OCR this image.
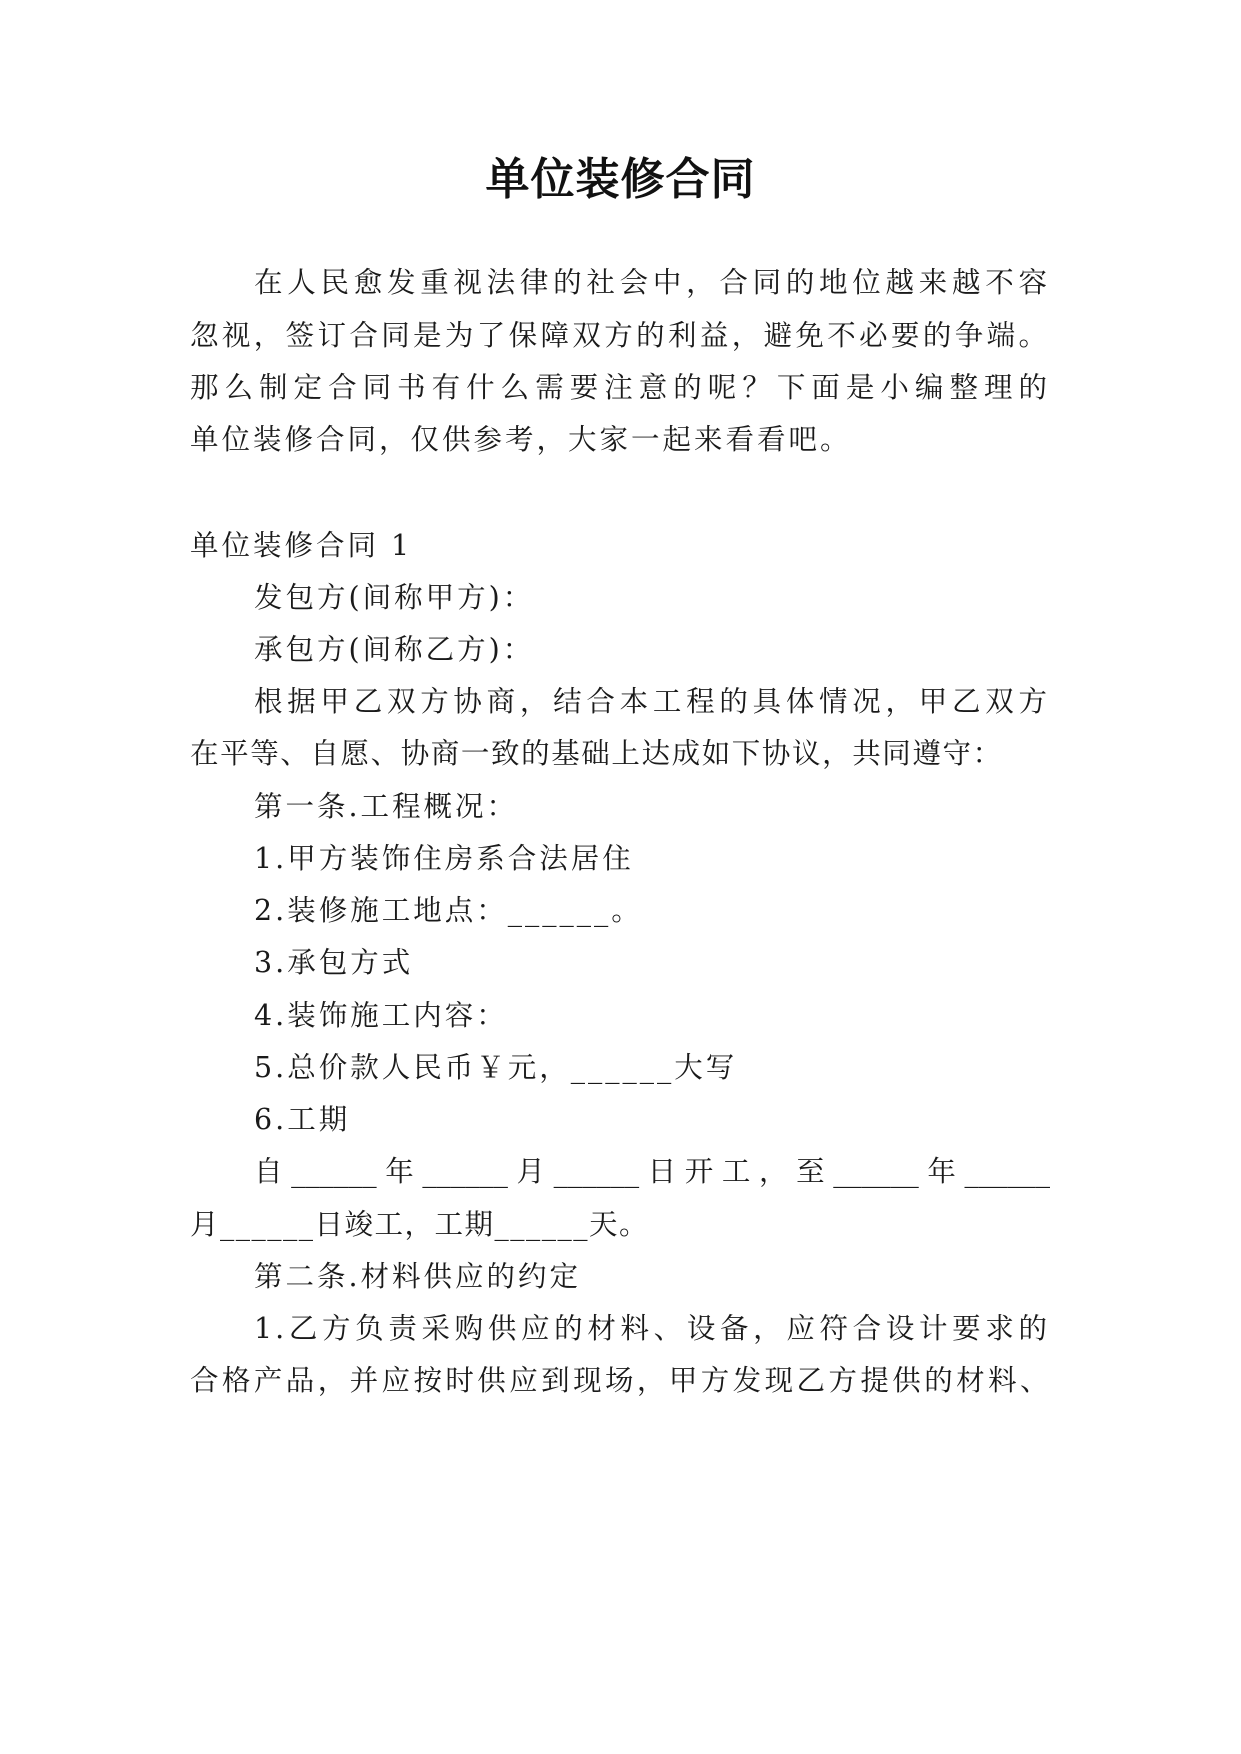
单位装修合同
在人民愈发重视法律的社会中，合同的地位越来越不容
忽视，签订合同是为了保障双方的利益，避免不必要的争端。
那么制定合同书有什么需要注意的呢？下面是小编整理的
单位装修合同，仅供参考，大家一起来看看吧。
单位装修合同 1
发包方(间称甲方)：
承包方(间称乙方)：
根据甲乙双方协商，结合本工程的具体情况，甲乙双方
在平等、自愿、协商一致的基础上达成如下协议，共同遵守：
第一条.工程概况：
1.甲方装饰住房系合法居住
2.装修施工地点：______。
3.承包方式
4.装饰施工内容：
5.总价款人民币￥元，______大写
6.工期
自______年______月______日开工，至______年______
月______日竣工，工期______天。
第二条.材料供应的约定
1.乙方负责采购供应的材料、设备，应符合设计要求的
合格产品，并应按时供应到现场，甲方发现乙方提供的材料、
